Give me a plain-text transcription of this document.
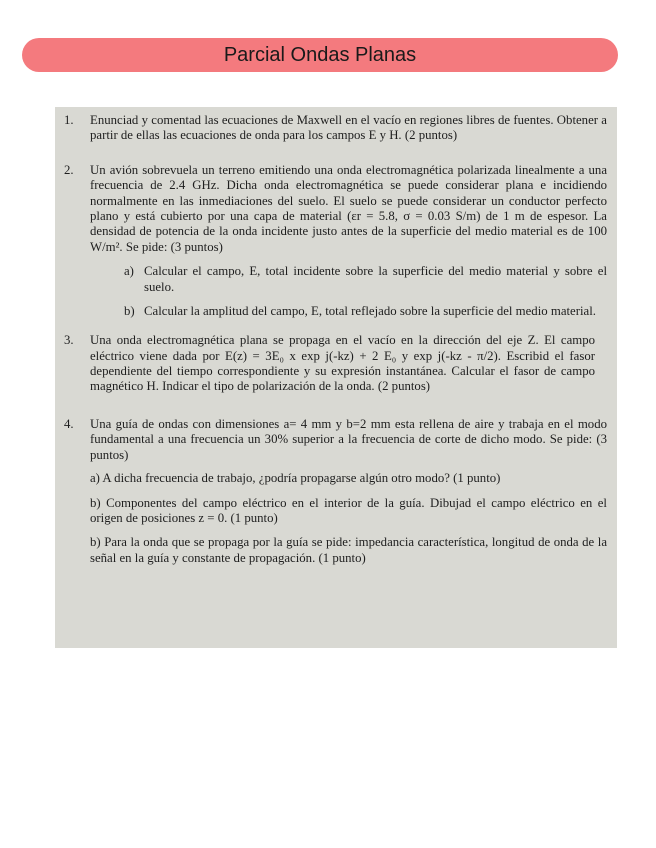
Parcial Ondas Planas
1. Enunciad y comentad las ecuaciones de Maxwell en el vacío en regiones libres de fuentes. Obtener a partir de ellas las ecuaciones de onda para los campos E y H. (2 puntos)
2. Un avión sobrevuela un terreno emitiendo una onda electromagnética polarizada linealmente a una frecuencia de 2.4 GHz. Dicha onda electromagnética se puede considerar plana e incidiendo normalmente en las inmediaciones del suelo. El suelo se puede considerar un conductor perfecto plano y está cubierto por una capa de material (εr = 5.8, σ = 0.03 S/m) de 1 m de espesor. La densidad de potencia de la onda incidente justo antes de la superficie del medio material es de 100 W/m². Se pide: (3 puntos)
a) Calcular el campo, E, total incidente sobre la superficie del medio material y sobre el suelo.
b) Calcular la amplitud del campo, E, total reflejado sobre la superficie del medio material.
3. Una onda electromagnética plana se propaga en el vacío en la dirección del eje Z. El campo eléctrico viene dada por E(z) = 3E₀ x exp j(-kz) + 2 E₀ y exp j(-kz - π/2). Escribid el fasor dependiente del tiempo correspondiente y su expresión instantánea. Calcular el fasor de campo magnético H. Indicar el tipo de polarización de la onda. (2 puntos)
4. Una guía de ondas con dimensiones a= 4 mm y b=2 mm esta rellena de aire y trabaja en el modo fundamental a una frecuencia un 30% superior a la frecuencia de corte de dicho modo. Se pide: (3 puntos)
a) A dicha frecuencia de trabajo, ¿podría propagarse algún otro modo? (1 punto)
b) Componentes del campo eléctrico en el interior de la guía. Dibujad el campo eléctrico en el origen de posiciones z = 0. (1 punto)
b) Para la onda que se propaga por la guía se pide: impedancia característica, longitud de onda de la señal en la guía y constante de propagación. (1 punto)
